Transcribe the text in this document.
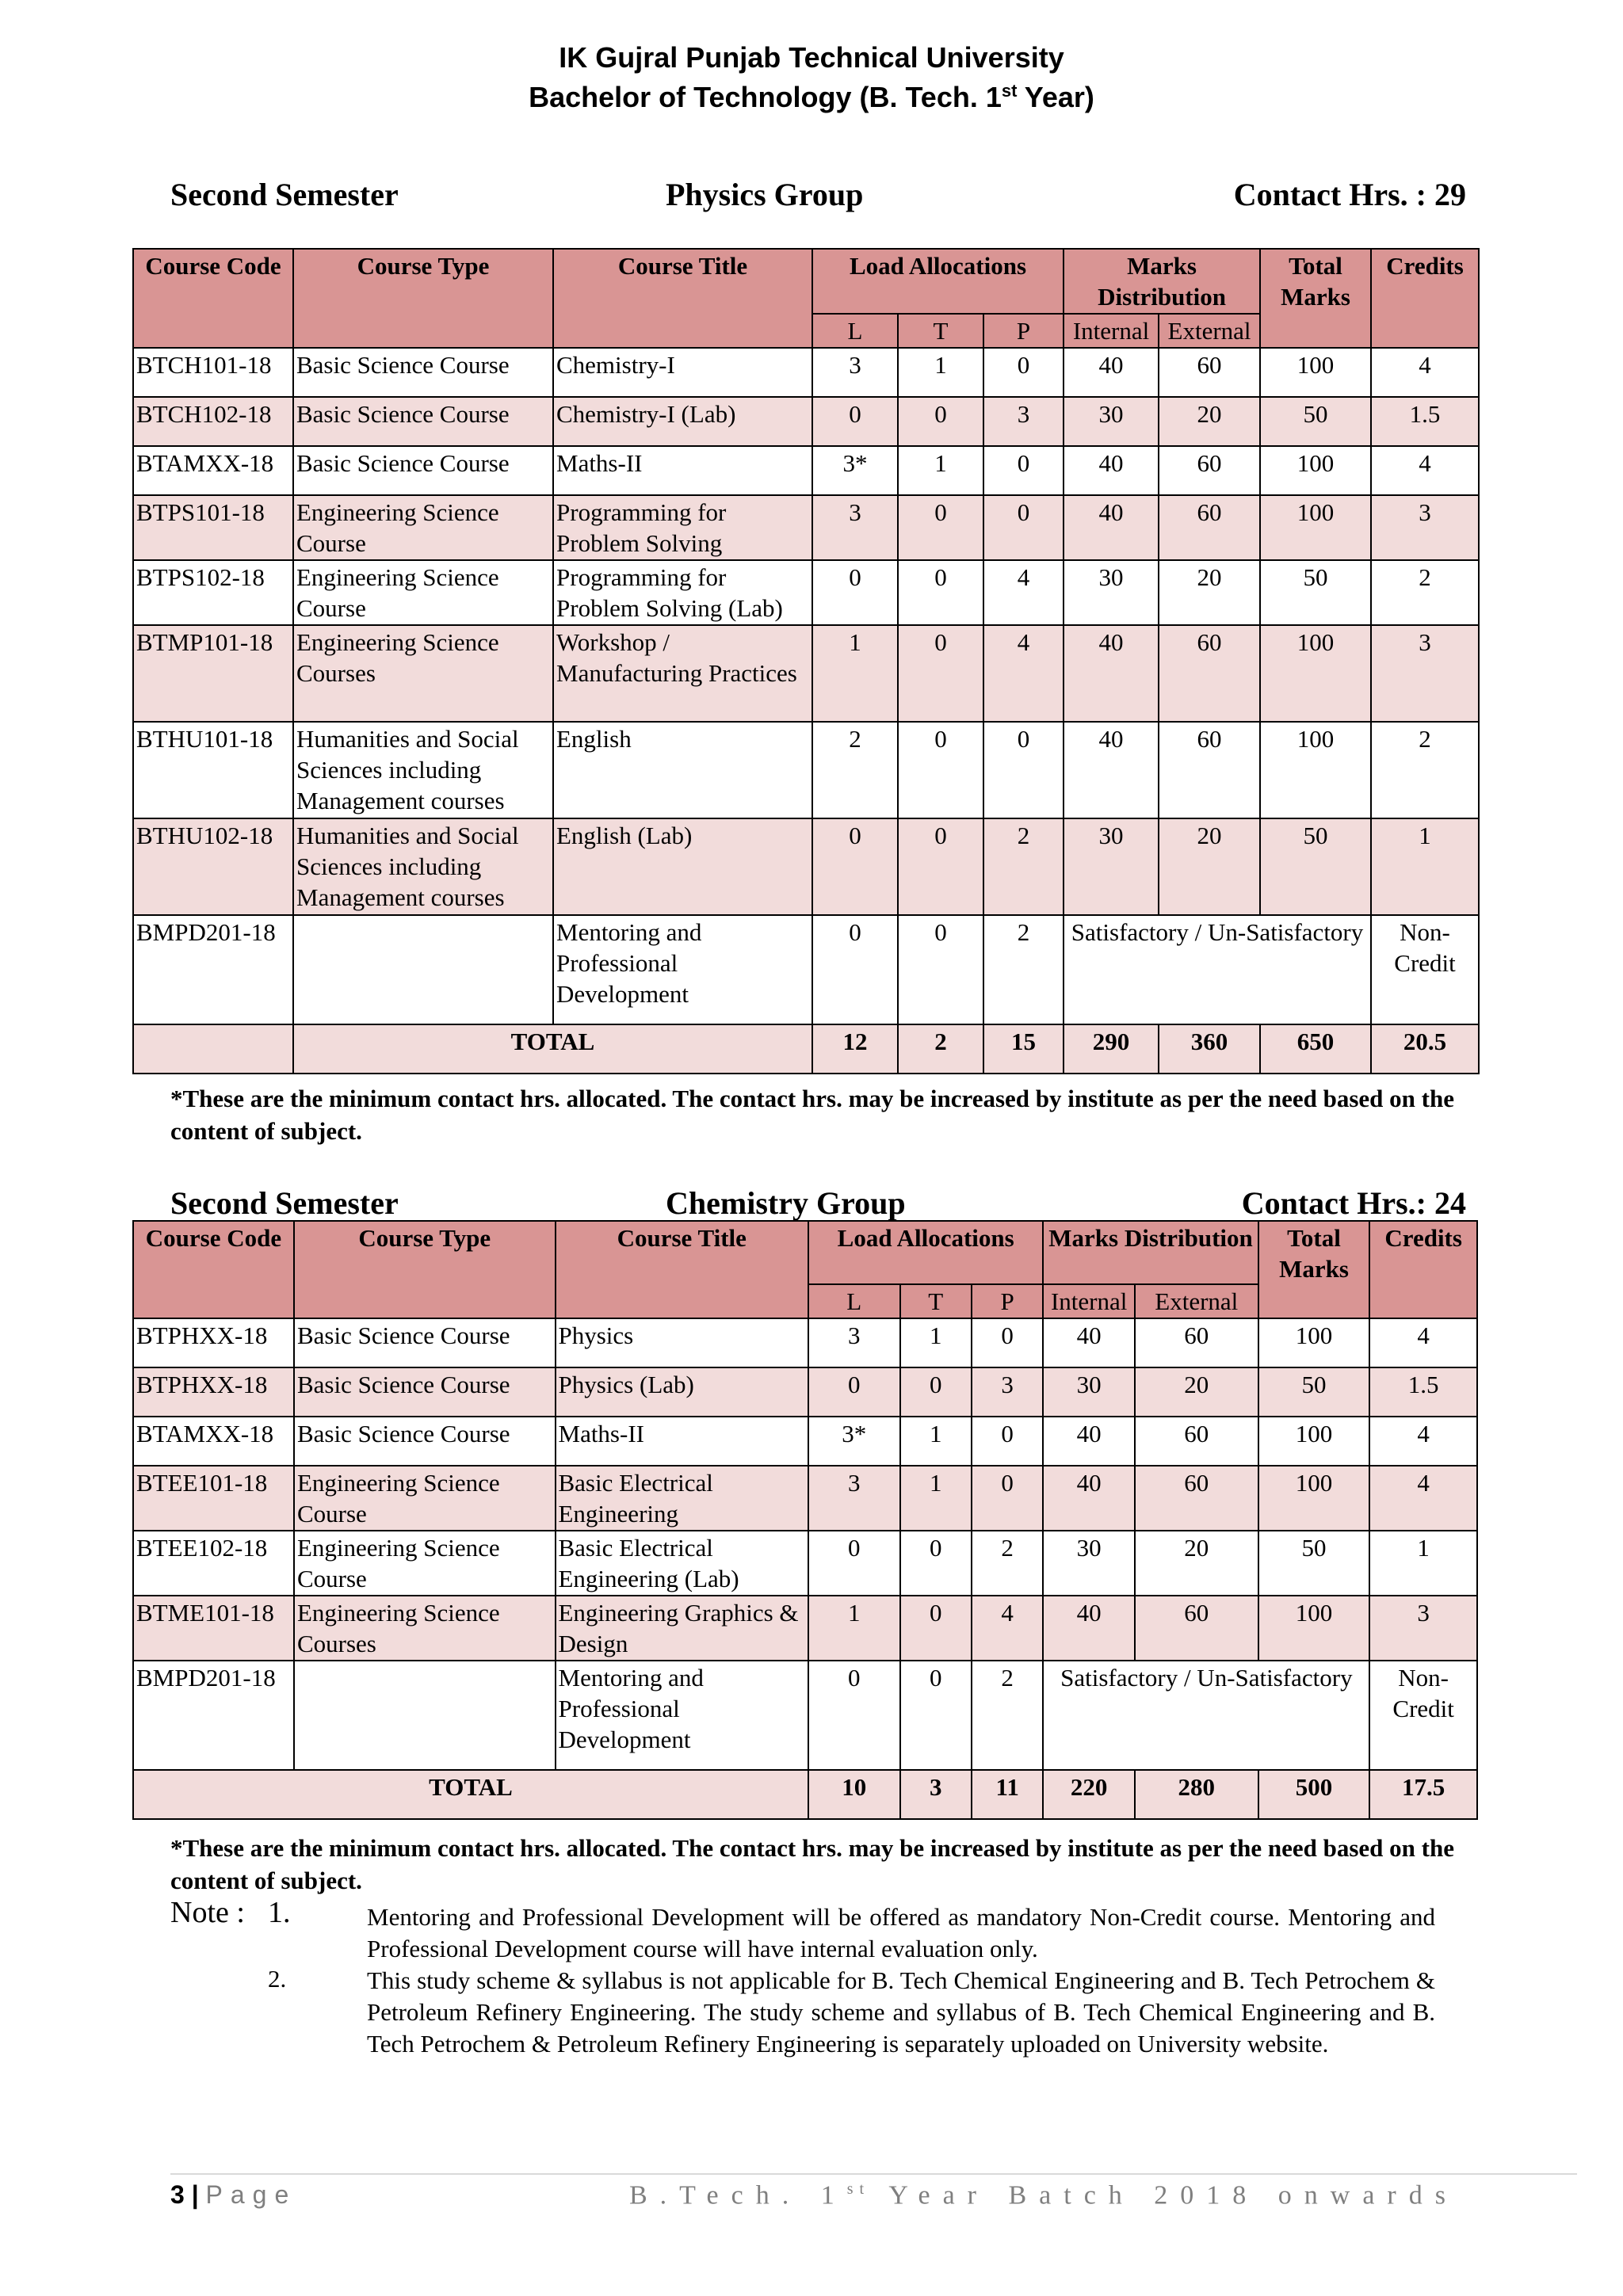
IK Gujral Punjab Technical University
Bachelor of Technology (B. Tech. 1st Year)
Second Semester	Physics Group	Contact Hrs. : 29
Course Code	Course Type	Course Title	Load Allocations			Marks Distribution		Total Marks	Credits
			L	T	P	Internal	External		
BTCH101-18	Basic Science Course	Chemistry-I	3	1	0	40	60	100	4
BTCH102-18	Basic Science Course	Chemistry-I (Lab)	0	0	3	30	20	50	1.5
BTAMXX-18	Basic Science Course	Maths-II	3*	1	0	40	60	100	4
BTPS101-18	Engineering Science Course	Programming for Problem Solving	3	0	0	40	60	100	3
BTPS102-18	Engineering Science Course	Programming for Problem Solving (Lab)	0	0	4	30	20	50	2
BTMP101-18	Engineering Science Courses	Workshop / Manufacturing Practices	1	0	4	40	60	100	3
BTHU101-18	Humanities and Social Sciences including Management courses	English	2	0	0	40	60	100	2
BTHU102-18	Humanities and Social Sciences including Management courses	English (Lab)	0	0	2	30	20	50	1
BMPD201-18		Mentoring and Professional Development	0	0	2	Satisfactory / Un-Satisfactory			Non-Credit
	TOTAL		12	2	15	290	360	650	20.5
*These are the minimum contact hrs. allocated. The contact hrs. may be increased by institute as per the need based on the content of subject.
Second Semester	Chemistry Group	Contact Hrs.: 24
Course Code	Course Type	Course Title	Load Allocations			Marks Distribution		Total Marks	Credits
			L	T	P	Internal	External		
BTPHXX-18	Basic Science Course	Physics	3	1	0	40	60	100	4
BTPHXX-18	Basic Science Course	Physics (Lab)	0	0	3	30	20	50	1.5
BTAMXX-18	Basic Science Course	Maths-II	3*	1	0	40	60	100	4
BTEE101-18	Engineering Science Course	Basic Electrical Engineering	3	1	0	40	60	100	4
BTEE102-18	Engineering Science Course	Basic Electrical Engineering (Lab)	0	0	2	30	20	50	1
BTME101-18	Engineering Science Courses	Engineering Graphics & Design	1	0	4	40	60	100	3
BMPD201-18		Mentoring and Professional Development	0	0	2	Satisfactory / Un-Satisfactory			Non-Credit
TOTAL			10	3	11	220	280	500	17.5
*These are the minimum contact hrs. allocated. The contact hrs. may be increased by institute as per the need based on the content of subject.
Note : 1.	Mentoring and Professional Development will be offered as mandatory Non-Credit course. Mentoring and Professional Development course will have internal evaluation only.
2.	This study scheme & syllabus is not applicable for B. Tech Chemical Engineering and B. Tech Petrochem & Petroleum Refinery Engineering. The study scheme and syllabus of B. Tech Chemical Engineering and B. Tech Petrochem & Petroleum Refinery Engineering is separately uploaded on University website.
3 | Page	B.Tech. 1st Year Batch 2018 onwards
